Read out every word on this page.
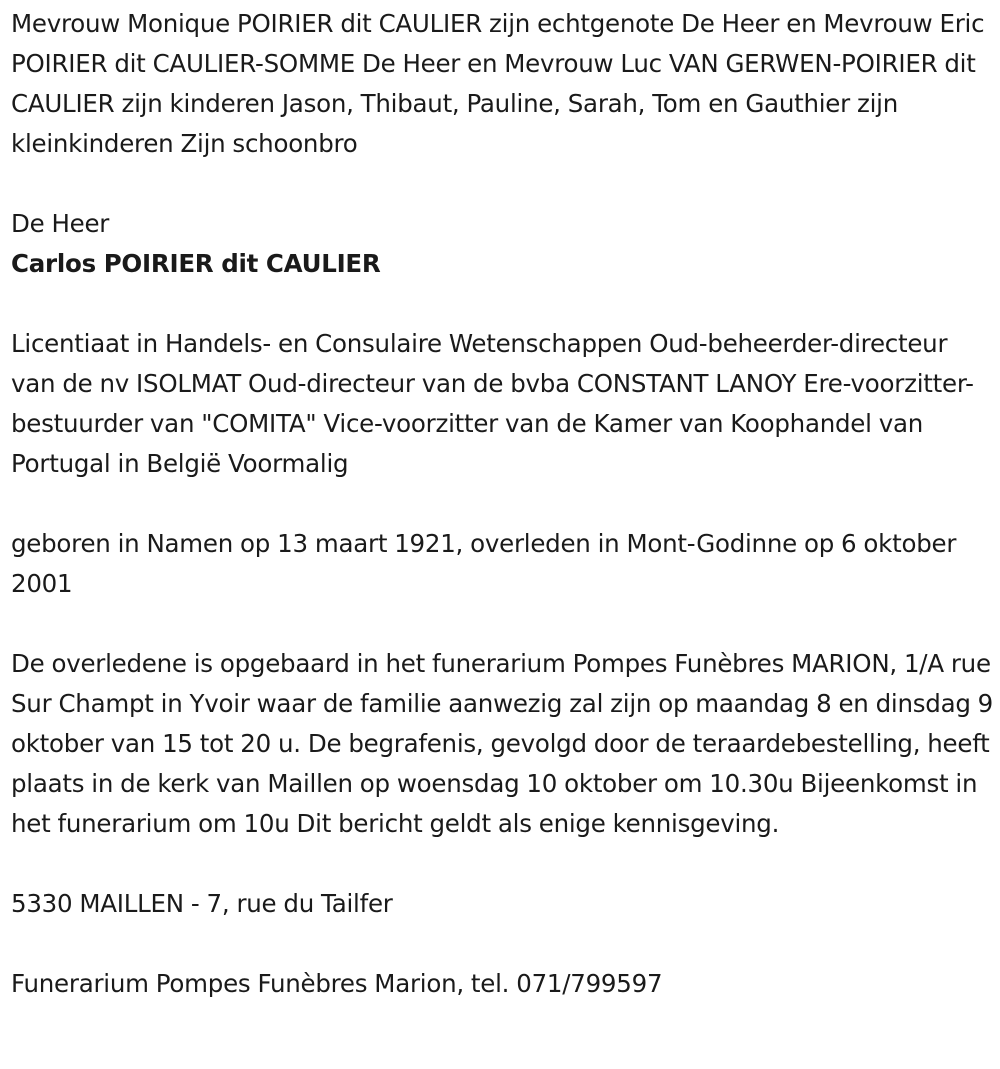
Mevrouw Monique POIRIER dit CAULIER zijn echtgenote De Heer en Mevrouw Eric POIRIER dit CAULIER-SOMME De Heer en Mevrouw Luc VAN GERWEN-POIRIER dit CAULIER zijn kinderen Jason, Thibaut, Pauline, Sarah, Tom en Gauthier zijn kleinkinderen Zijn schoonbro

De Heer

Carlos POIRIER dit CAULIER

Licentiaat in Handels- en Consulaire Wetenschappen Oud-beheerder-directeur van de nv ISOLMAT Oud-directeur van de bvba CONSTANT LANOY Ere-voorzitter-bestuurder van "COMITA" Vice-voorzitter van de Kamer van Koophandel van Portugal in België Voormalig

geboren in Namen op 13 maart 1921, overleden in Mont-Godinne op 6 oktober 2001

De overledene is opgebaard in het funerarium Pompes Funèbres MARION, 1/A rue Sur Champt in Yvoir waar de familie aanwezig zal zijn op maandag 8 en dinsdag 9 oktober van 15 tot 20 u. De begrafenis, gevolgd door de teraardebestelling, heeft plaats in de kerk van Maillen op woensdag 10 oktober om 10.30u Bijeenkomst in het funerarium om 10u Dit bericht geldt als enige kennisgeving.

5330 MAILLEN - 7, rue du Tailfer

Funerarium Pompes Funèbres Marion, tel. 071/799597
